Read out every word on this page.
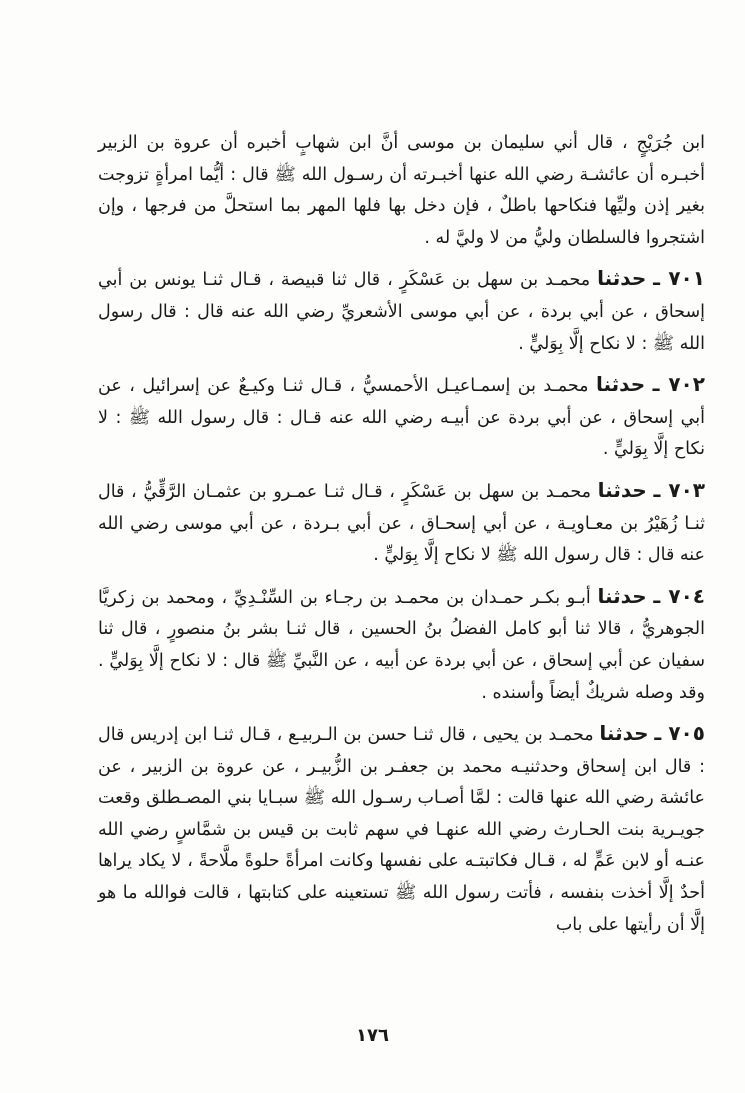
ابن جُرَيْجٍ ، قال أني سليمان بن موسى أنَّ ابن شهابٍ أخبره أن عروة بن الزبير أخبـره أن عائشـة رضي الله عنها أخبـرته أن رسـول الله ﷺ قال : أيُّما امرأةٍ تزوجت بغير إذن وليِّها فنكاحها باطلٌ ، فإن دخل بها فلها المهر بما استحلَّ من فرجها ، وإن اشتجروا فالسلطان وليُّ من لا وليَّ له .

٧٠١ ـ حدثنا محمـد بن سهل بن عَسْكَرٍ ، قال ثنا قبيصة ، قـال ثنـا يونس بن أبي إسحاق ، عن أبي بردة ، عن أبي موسى الأشعريِّ رضي الله عنه قال : قال رسول الله ﷺ : لا نكاح إلَّا بِوَليٍّ .

٧٠٢ ـ حدثنا محمـد بن إسمـاعيـل الأحمسيُّ ، قـال ثنـا وكيـعٌ عن إسرائيل ، عن أبي إسحاق ، عن أبي بردة عن أبيـه رضي الله عنه قـال : قال رسول الله ﷺ : لا نكاح إلَّا بِوَليٍّ .

٧٠٣ ـ حدثنا محمـد بن سهل بن عَسْكَرٍ ، قـال ثنـا عمـرو بن عثمـان الرَّقِّيُّ ، قال ثنـا زُهَيْرُ بن معـاويـة ، عن أبي إسحـاق ، عن أبي بـردة ، عن أبي موسى رضي الله عنه قال : قال رسول الله ﷺ لا نكاح إلَّا بِوَليٍّ .

٧٠٤ ـ حدثنا أبـو بكـر حمـدان بن محمـد بن رجـاء بن السِّنْـدِيِّ ، ومحمد بن زكريَّا الجوهريُّ ، قالا ثنا أبو كامل الفضلُ بنُ الحسين ، قال ثنـا بشر بنُ منصورٍ ، قال ثنا سفيان عن أبي إسحاق ، عن أبي بردة عن أبيه ، عن النَّبيِّ ﷺ قال : لا نكاح إلَّا بِوَليٍّ . وقد وصله شريكٌ أيضاً وأسنده .

٧٠٥ ـ حدثنا محمـد بن يحيى ، قال ثنـا حسن بن الـربيـع ، قـال ثنـا ابن إدريس قال : قال ابن إسحاق وحدثنيـه محمد بن جعفـر بن الزُّبيـر ، عن عروة بن الزبير ، عن عائشة رضي الله عنها قالت : لمَّا أصـاب رسـول الله ﷺ سبـايا بني المصـطلق وقعت جويـرية بنت الحـارث رضي الله عنهـا في سهم ثابت بن قيس بن شمَّاسٍ رضي الله عنـه أو لابن عَمٍّ له ، قـال فكاتبتـه على نفسها وكانت امرأةً حلوةً ملَّاحةً ، لا يكاد يراها أحدٌ إلَّا أخذت بنفسه ، فأتت رسول الله ﷺ تستعينه على كتابتها ، قالت فوالله ما هو إلَّا أن رأيتها على باب

١٧٦
